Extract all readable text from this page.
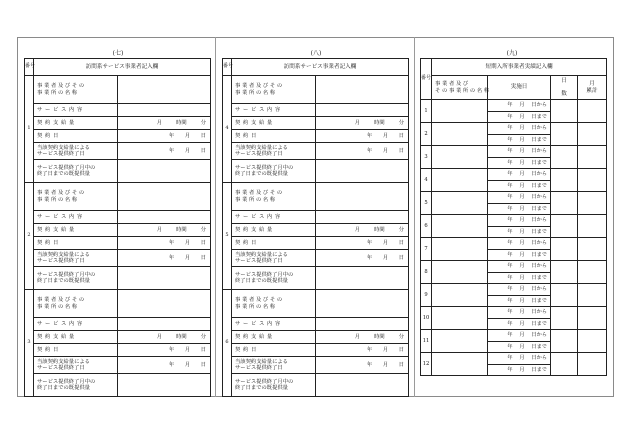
(七)
番号	訪問系サービス事業者記入欄	
1	事 業 者 及 び そ の
事 業 所 の 名 称	
	サ ー ビ ス 内 容	
	契 約 支 給 量	月 時間 分
	契 約 日	年　　月　　日
	当該契約支給量による
サービス提供終了日	年　　月　　日
	サービス提供終了月中の
終了日までの既提供量	
2	事 業 者 及 び そ の
事 業 所 の 名 称	
	サ ー ビ ス 内 容	
	契 約 支 給 量	月 時間 分
	契 約 日	年　　月　　日
	当該契約支給量による
サービス提供終了日	年　　月　　日
	サービス提供終了月中の
終了日までの既提供量	
3	事 業 者 及 び そ の
事 業 所 の 名 称	
	サ ー ビ ス 内 容	
	契 約 支 給 量	月 時間 分
	契 約 日	年　　月　　日
	当該契約支給量による
サービス提供終了日	年　　月　　日
	サービス提供終了月中の
終了日までの既提供量	
(八)
番号	訪問系サービス事業者記入欄	
4	事 業 者 及 び そ の
事 業 所 の 名 称	
	サ ー ビ ス 内 容	
	契 約 支 給 量	月 時間 分
	契 約 日	年　　月　　日
	当該契約支給量による
サービス提供終了日	年　　月　　日
	サービス提供終了月中の
終了日までの既提供量	
5	事 業 者 及 び そ の
事 業 所 の 名 称	
	サ ー ビ ス 内 容	
	契 約 支 給 量	月 時間 分
	契 約 日	年　　月　　日
	当該契約支給量による
サービス提供終了日	年　　月　　日
	サービス提供終了月中の
終了日までの既提供量	
6	事 業 者 及 び そ の
事 業 所 の 名 称	
	サ ー ビ ス 内 容	
	契 約 支 給 量	月 時間 分
	契 約 日	年　　月　　日
	当該契約支給量による
サービス提供終了日	年　　月　　日
	サービス提供終了月中の
終了日までの既提供量	
(九)
番号	短期入所事業者実績記入欄			
	事 業 者 及 び
そ の 事 業 所 の 名 称	実施日	日

数	月
累計
1		年　 月　 日から		
		年　 月　 日まで		
2		年　 月　 日から		
		年　 月　 日まで		
3		年　 月　 日から		
		年　 月　 日まで		
4		年　 月　 日から		
		年　 月　 日まで		
5		年　 月　 日から		
		年　 月　 日まで		
6		年　 月　 日から		
		年　 月　 日まで		
7		年　 月　 日から		
		年　 月　 日まで		
8		年　 月　 日から		
		年　 月　 日まで		
9		年　 月　 日から		
		年　 月　 日まで		
10		年　 月　 日から		
		年　 月　 日まで		
11		年　 月　 日から		
		年　 月　 日まで		
12		年　 月　 日から		
		年　 月　 日まで		
